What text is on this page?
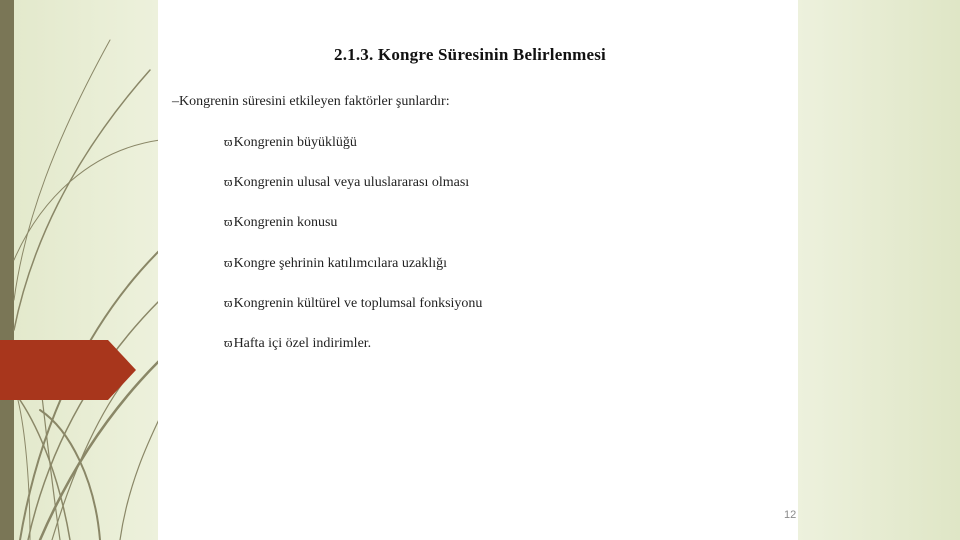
2.1.3. Kongre Süresinin Belirlenmesi
–Kongrenin süresini etkileyen faktörler şunlardır:
ϖKongrenin büyüklüğü
ϖKongrenin ulusal veya uluslararası olması
ϖKongrenin konusu
ϖKongre şehrinin katılımcılara uzaklığı
ϖKongrenin kültürel ve toplumsal fonksiyonu
ϖHafta içi özel indirimler.
12
